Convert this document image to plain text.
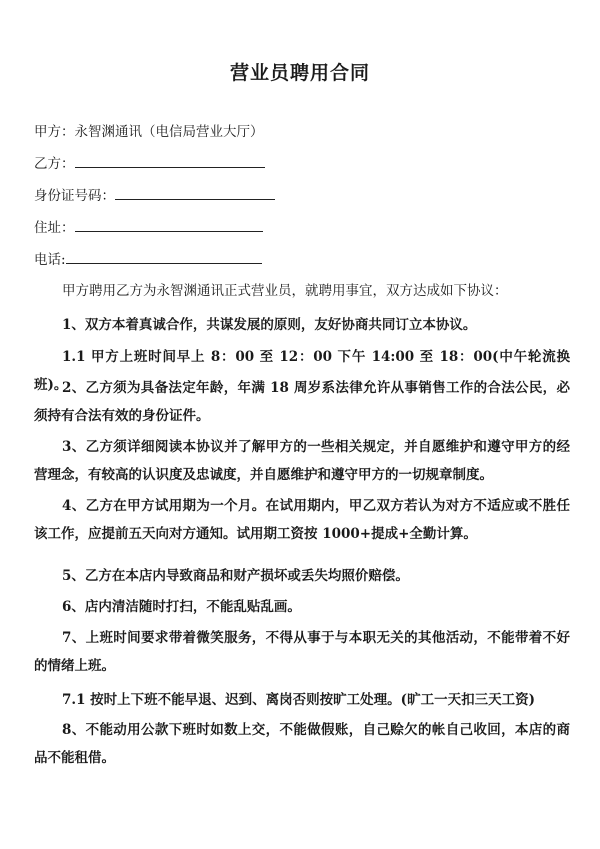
营业员聘用合同
甲方：永智渊通讯（电信局营业大厅）
乙方：
身份证号码：
住址：
电话:
甲方聘用乙方为永智渊通讯正式营业员，就聘用事宜，双方达成如下协议：
1、双方本着真诚合作，共谋发展的原则，友好协商共同订立本协议。
1.1 甲方上班时间早上 8：00 至 12：00 下午 14:00 至 18：00(中午轮流换班)。
2、乙方须为具备法定年龄，年满 18 周岁系法律允许从事销售工作的合法公民，必须持有合法有效的身份证件。
3、乙方须详细阅读本协议并了解甲方的一些相关规定，并自愿维护和遵守甲方的经营理念，有较高的认识度及忠诚度，并自愿维护和遵守甲方的一切规章制度。
4、乙方在甲方试用期为一个月。在试用期内，甲乙双方若认为对方不适应或不胜任该工作，应提前五天向对方通知。试用期工资按 1000+提成+全勤计算。
5、乙方在本店内导致商品和财产损坏或丢失均照价赔偿。
6、店内清洁随时打扫，不能乱贴乱画。
7、上班时间要求带着微笑服务，不得从事于与本职无关的其他活动，不能带着不好的情绪上班。
7.1 按时上下班不能早退、迟到、离岗否则按旷工处理。(旷工一天扣三天工资)
8、不能动用公款下班时如数上交，不能做假账，自己赊欠的帐自己收回，本店的商品不能租借。
